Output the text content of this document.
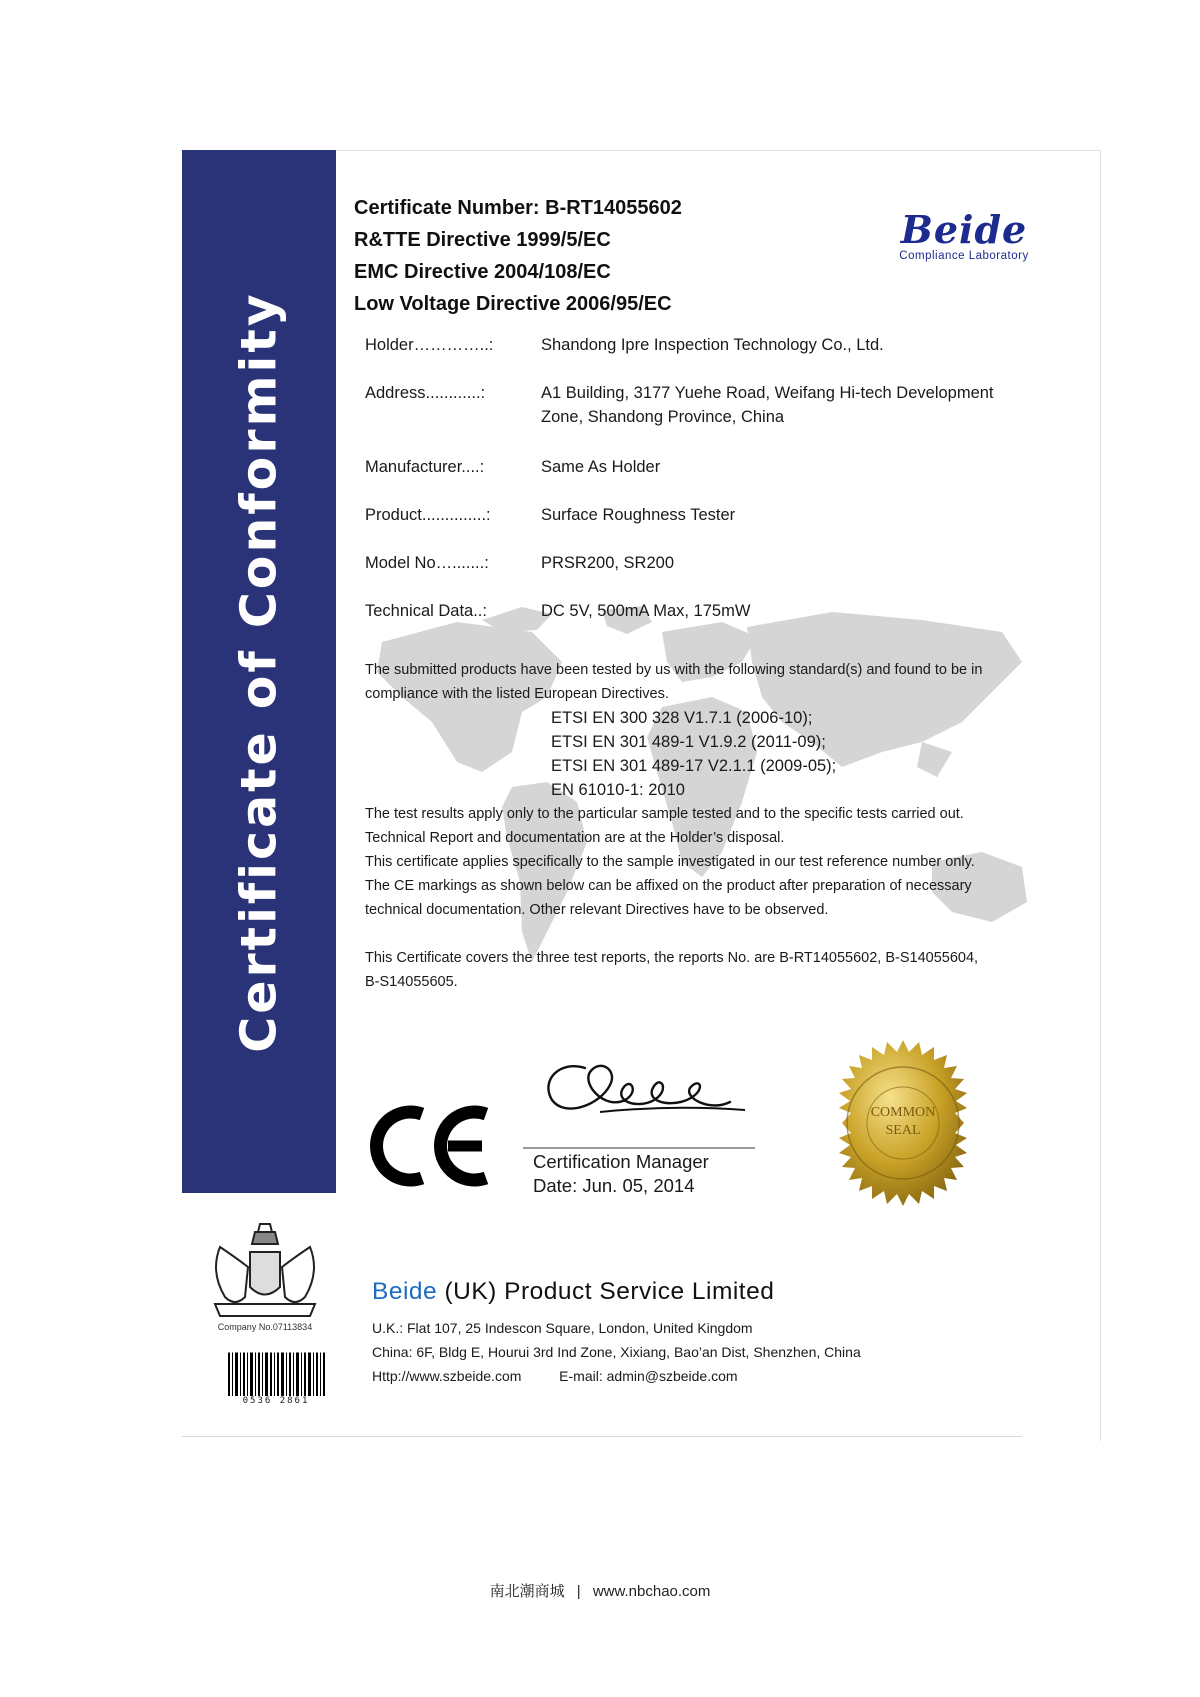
Certificate of Conformity
Certificate Number: B-RT14055602
R&TTE Directive 1999/5/EC
EMC Directive 2004/108/EC
Low Voltage Directive 2006/95/EC
Beide
Compliance Laboratory
Holder…………..:	Shandong Ipre Inspection Technology Co., Ltd.
Address............:	A1 Building, 3177 Yuehe Road, Weifang Hi-tech Development
Zone, Shandong Province, China
Manufacturer....:	Same As Holder
Product..............:	Surface Roughness Tester
Model No….......:	PRSR200, SR200
Technical Data..:	DC 5V, 500mA Max, 175mW
The submitted products have been tested by us with the following standard(s) and found to be in
compliance with the listed European Directives.
ETSI EN 300 328 V1.7.1 (2006-10);
ETSI EN 301 489-1 V1.9.2 (2011-09);
ETSI EN 301 489-17 V2.1.1 (2009-05);
EN 61010-1: 2010
The test results apply only to the particular sample tested and to the specific tests carried out.
Technical Report and documentation are at the Holder’s disposal.
This certificate applies specifically to the sample investigated in our test reference number only.
The CE markings as shown below can be affixed on the product after preparation of necessary
technical documentation. Other relevant Directives have to be observed.
This Certificate covers the three test reports, the reports No. are B-RT14055602, B-S14055604,
B-S14055605.
Certification Manager
Date: Jun. 05, 2014
COMMON
SEAL
Company No.07113834
0536 2861
Beide (UK) Product Service Limited
U.K.: Flat 107, 25 Indescon Square, London, United Kingdom
China: 6F, Bldg E, Hourui 3rd Ind Zone, Xixiang, Bao’an Dist, Shenzhen, China
Http://www.szbeide.com	E-mail: admin@szbeide.com
南北潮商城 | www.nbchao.com
